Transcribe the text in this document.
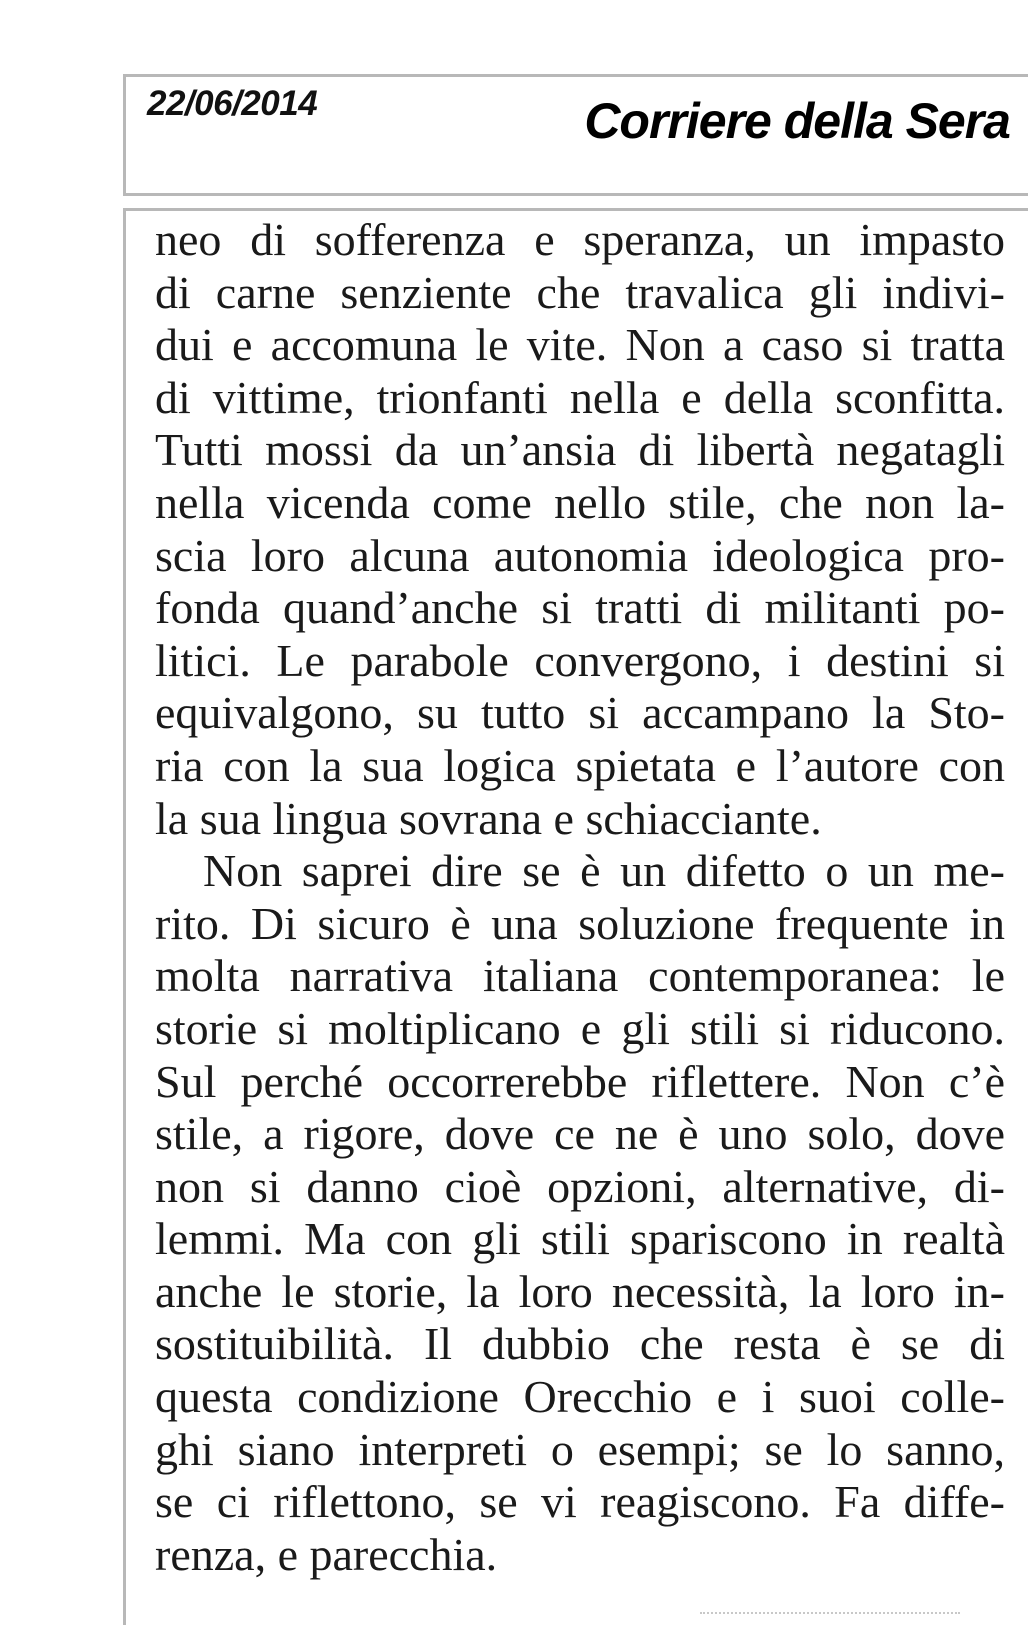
22/06/2014	Corriere della Sera
neo di sofferenza e speranza, un impasto
di carne senziente che travalica gli indivi-
dui e accomuna le vite. Non a caso si tratta
di vittime, trionfanti nella e della sconfitta.
Tutti mossi da un’ansia di libertà negatagli
nella vicenda come nello stile, che non la-
scia loro alcuna autonomia ideologica pro-
fonda quand’anche si tratti di militanti po-
litici. Le parabole convergono, i destini si
equivalgono, su tutto si accampano la Sto-
ria con la sua logica spietata e l’autore con
la sua lingua sovrana e schiacciante.
Non saprei dire se è un difetto o un me-
rito. Di sicuro è una soluzione frequente in
molta narrativa italiana contemporanea: le
storie si moltiplicano e gli stili si riducono.
Sul perché occorrerebbe riflettere. Non c’è
stile, a rigore, dove ce ne è uno solo, dove
non si danno cioè opzioni, alternative, di-
lemmi. Ma con gli stili spariscono in realtà
anche le storie, la loro necessità, la loro in-
sostituibilità. Il dubbio che resta è se di
questa condizione Orecchio e i suoi colle-
ghi siano interpreti o esempi; se lo sanno,
se ci riflettono, se vi reagiscono. Fa diffe-
renza, e parecchia.
